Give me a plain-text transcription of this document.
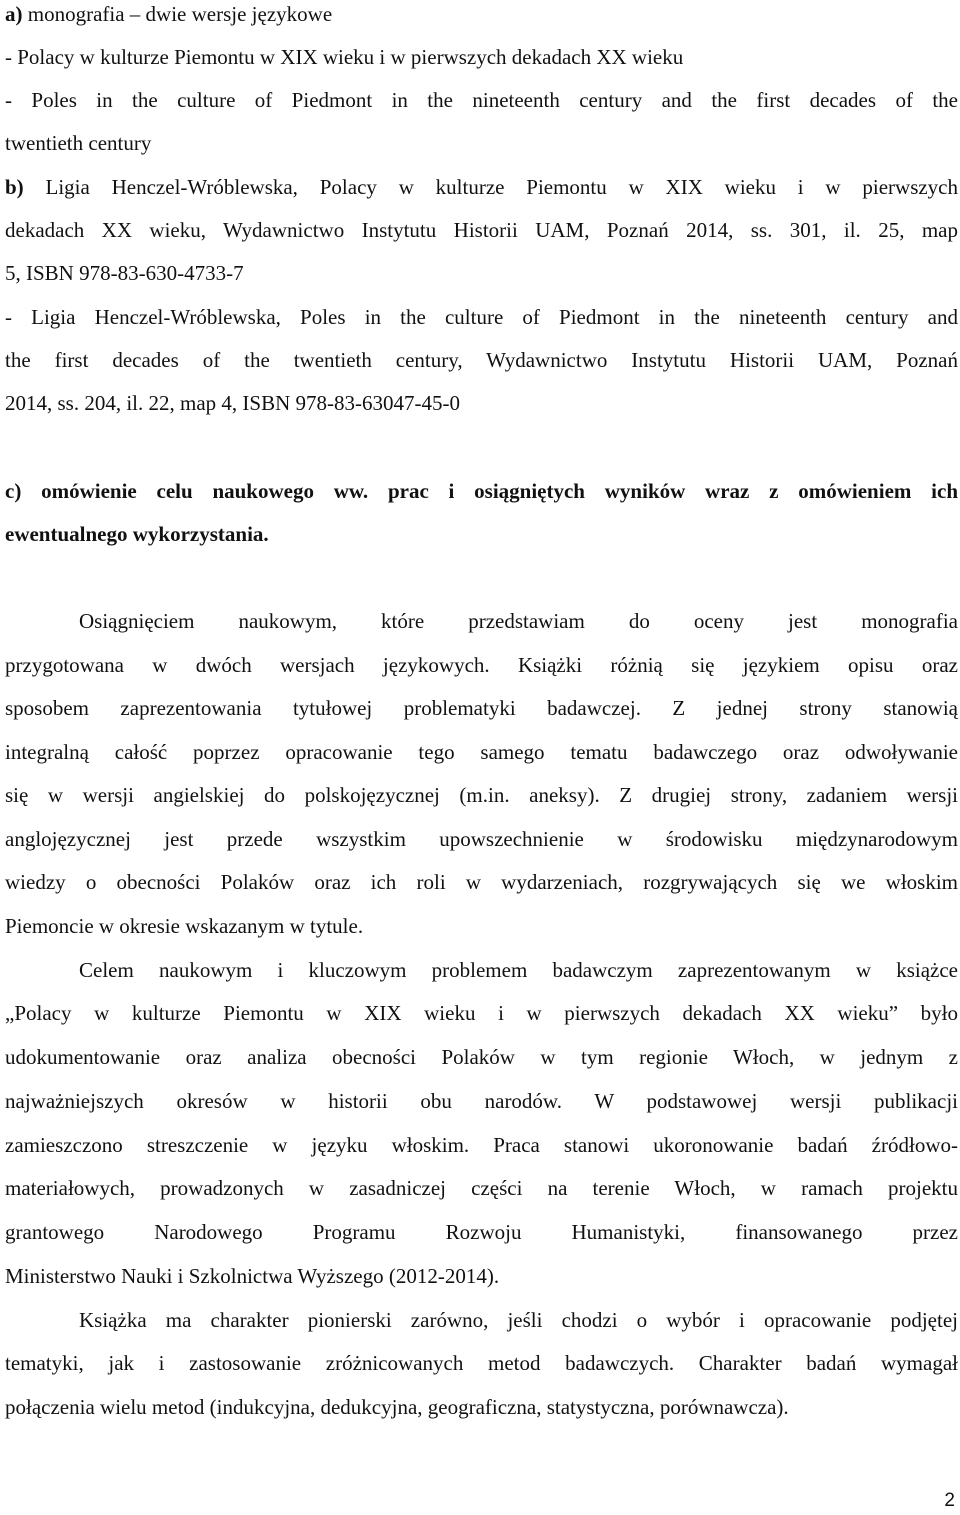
a) monografia – dwie wersje językowe
- Polacy w kulturze Piemontu w XIX wieku i w pierwszych dekadach XX wieku
- Poles in the culture of Piedmont in the nineteenth century and the first decades of the
twentieth century
b) Ligia Henczel-Wróblewska, Polacy w kulturze Piemontu w XIX wieku i w pierwszych
dekadach XX wieku, Wydawnictwo Instytutu Historii UAM, Poznań 2014, ss. 301, il. 25, map
5, ISBN 978-83-630-4733-7
- Ligia Henczel-Wróblewska, Poles in the culture of Piedmont in the nineteenth century and
the first decades of the twentieth century, Wydawnictwo Instytutu Historii UAM, Poznań
2014, ss. 204, il. 22, map 4, ISBN 978-83-63047-45-0
c) omówienie celu naukowego ww. prac i osiągniętych wyników wraz z omówieniem ich
ewentualnego wykorzystania.
Osiągnięciem naukowym, które przedstawiam do oceny jest monografia
przygotowana w dwóch wersjach językowych. Książki różnią się językiem opisu oraz
sposobem zaprezentowania tytułowej problematyki badawczej. Z jednej strony stanowią
integralną całość poprzez opracowanie tego samego tematu badawczego oraz odwoływanie
się w wersji angielskiej do polskojęzycznej (m.in. aneksy). Z drugiej strony, zadaniem wersji
anglojęzycznej jest przede wszystkim upowszechnienie w środowisku międzynarodowym
wiedzy o obecności Polaków oraz ich roli w wydarzeniach, rozgrywających się we włoskim
Piemoncie w okresie wskazanym w tytule.
Celem naukowym i kluczowym problemem badawczym zaprezentowanym w książce
„Polacy w kulturze Piemontu w XIX wieku i w pierwszych dekadach XX wieku” było
udokumentowanie oraz analiza obecności Polaków w tym regionie Włoch, w jednym z
najważniejszych okresów w historii obu narodów. W podstawowej wersji publikacji
zamieszczono streszczenie w języku włoskim. Praca stanowi ukoronowanie badań źródłowo-
materiałowych, prowadzonych w zasadniczej części na terenie Włoch, w ramach projektu
grantowego Narodowego Programu Rozwoju Humanistyki, finansowanego przez
Ministerstwo Nauki i Szkolnictwa Wyższego (2012-2014).
Książka ma charakter pionierski zarówno, jeśli chodzi o wybór i opracowanie podjętej
tematyki, jak i zastosowanie zróżnicowanych metod badawczych. Charakter badań wymagał
połączenia wielu metod (indukcyjna, dedukcyjna, geograficzna, statystyczna, porównawcza).
2
